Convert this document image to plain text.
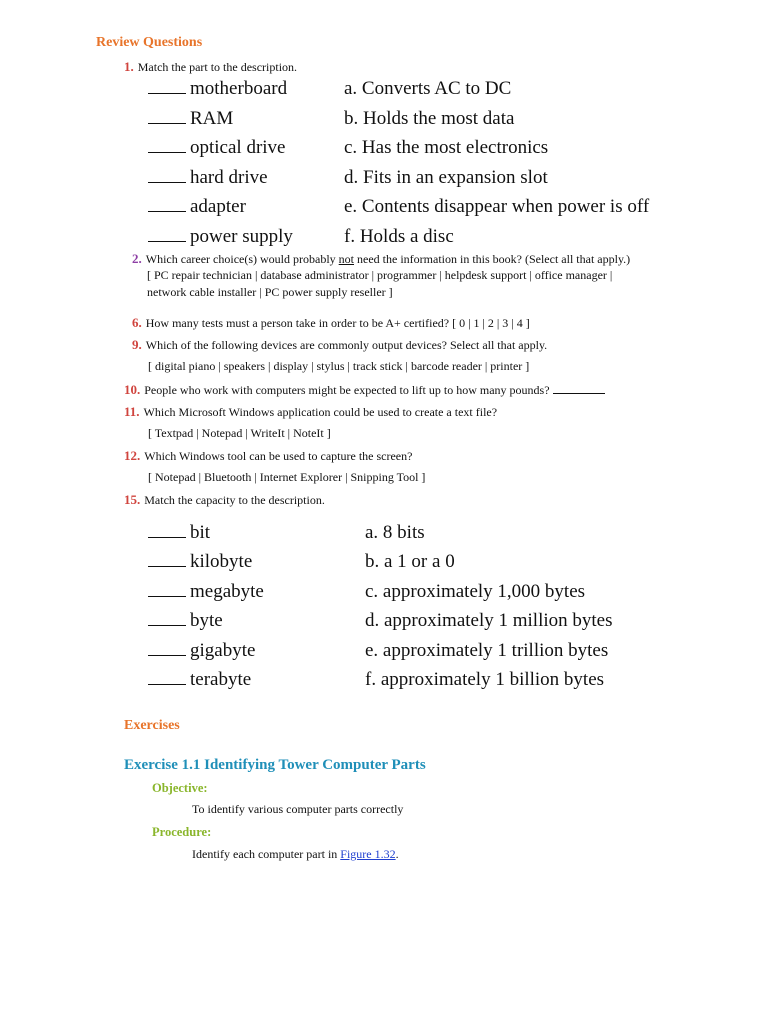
Review Questions
1. Match the part to the description.
motherboard
RAM
optical drive
hard drive
adapter
power supply
a. Converts AC to DC
b. Holds the most data
c. Has the most electronics
d. Fits in an expansion slot
e. Contents disappear when power is off
f. Holds a disc
2. Which career choice(s) would probably not need the information in this book? (Select all that apply.)
[ PC repair technician | database administrator | programmer | helpdesk support | office manager |
network cable installer | PC power supply reseller ]
6. How many tests must a person take in order to be A+ certified? [ 0 | 1 | 2 | 3 | 4 ]
9. Which of the following devices are commonly output devices? Select all that apply.
[ digital piano | speakers | display | stylus | track stick | barcode reader | printer ]
10. People who work with computers might be expected to lift up to how many pounds?
11. Which Microsoft Windows application could be used to create a text file?
[ Textpad | Notepad | WriteIt | NoteIt ]
12. Which Windows tool can be used to capture the screen?
[ Notepad | Bluetooth | Internet Explorer | Snipping Tool ]
15. Match the capacity to the description.
bit
kilobyte
megabyte
byte
gigabyte
terabyte
a. 8 bits
b. a 1 or a 0
c. approximately 1,000 bytes
d. approximately 1 million bytes
e. approximately 1 trillion bytes
f. approximately 1 billion bytes
Exercises
Exercise 1.1 Identifying Tower Computer Parts
Objective:
To identify various computer parts correctly
Procedure:
Identify each computer part in Figure 1.32.
